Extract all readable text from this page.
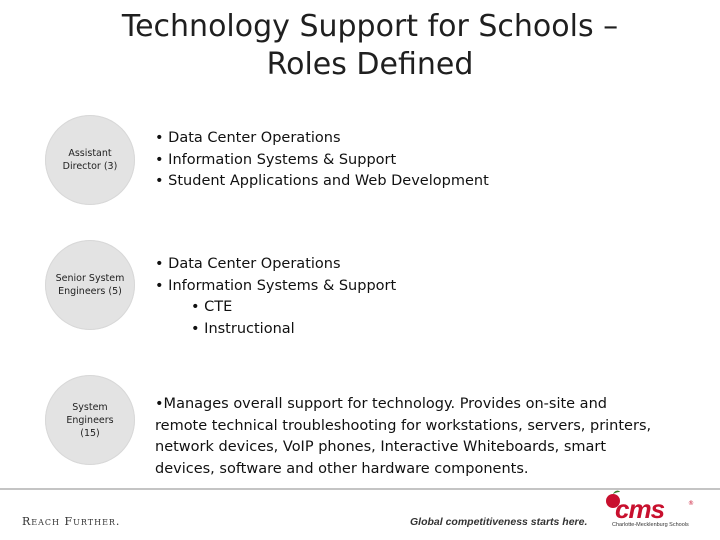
Technology Support for Schools –
Roles Defined
Assistant
Director (3)
• Data Center Operations
• Information Systems & Support
• Student Applications and Web Development
Senior System
Engineers (5)
• Data Center Operations
• Information Systems & Support
• CTE
• Instructional
System
Engineers
(15)
•Manages overall support for technology. Provides on-site and
remote technical troubleshooting for workstations, servers, printers,
network devices, VoIP phones, Interactive Whiteboards, smart
devices, software and other hardware components.
Reach Further.	Global competitiveness starts here. cms	®
Charlotte-Mecklenburg Schools
